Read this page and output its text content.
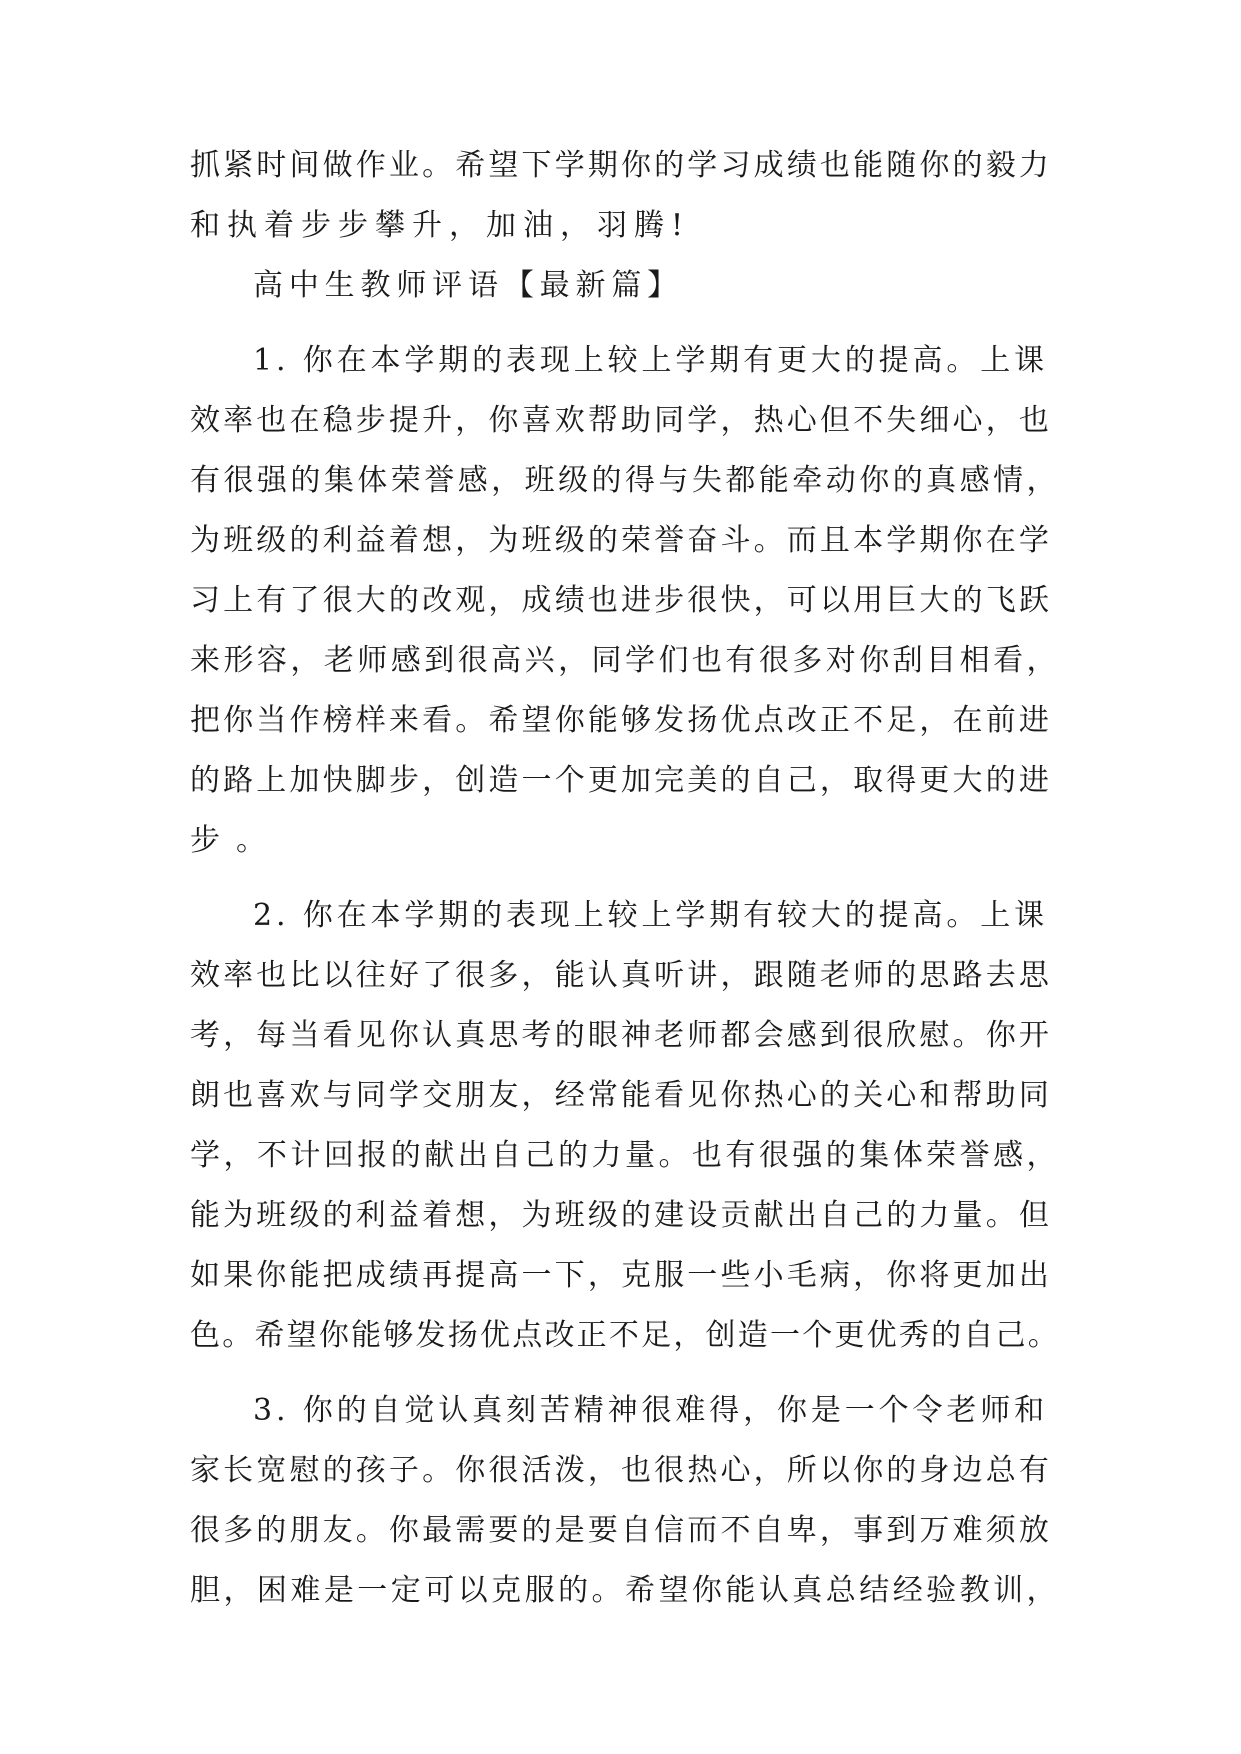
抓紧时间做作业。希望下学期你的学习成绩也能随你的毅力
和执着步步攀升，加油，羽腾!
高中生教师评语【最新篇】
1. 你在本学期的表现上较上学期有更大的提高。上课
效率也在稳步提升，你喜欢帮助同学，热心但不失细心，也
有很强的集体荣誉感，班级的得与失都能牵动你的真感情，
为班级的利益着想，为班级的荣誉奋斗。而且本学期你在学
习上有了很大的改观，成绩也进步很快，可以用巨大的飞跃
来形容，老师感到很高兴，同学们也有很多对你刮目相看，
把你当作榜样来看。希望你能够发扬优点改正不足，在前进
的路上加快脚步，创造一个更加完美的自己，取得更大的进
步。
2. 你在本学期的表现上较上学期有较大的提高。上课
效率也比以往好了很多，能认真听讲，跟随老师的思路去思
考，每当看见你认真思考的眼神老师都会感到很欣慰。你开
朗也喜欢与同学交朋友，经常能看见你热心的关心和帮助同
学，不计回报的献出自己的力量。也有很强的集体荣誉感，
能为班级的利益着想，为班级的建设贡献出自己的力量。但
如果你能把成绩再提高一下，克服一些小毛病，你将更加出
色。希望你能够发扬优点改正不足，创造一个更优秀的自己。
3. 你的自觉认真刻苦精神很难得，你是一个令老师和
家长宽慰的孩子。你很活泼，也很热心，所以你的身边总有
很多的朋友。你最需要的是要自信而不自卑，事到万难须放
胆，困难是一定可以克服的。希望你能认真总结经验教训，
